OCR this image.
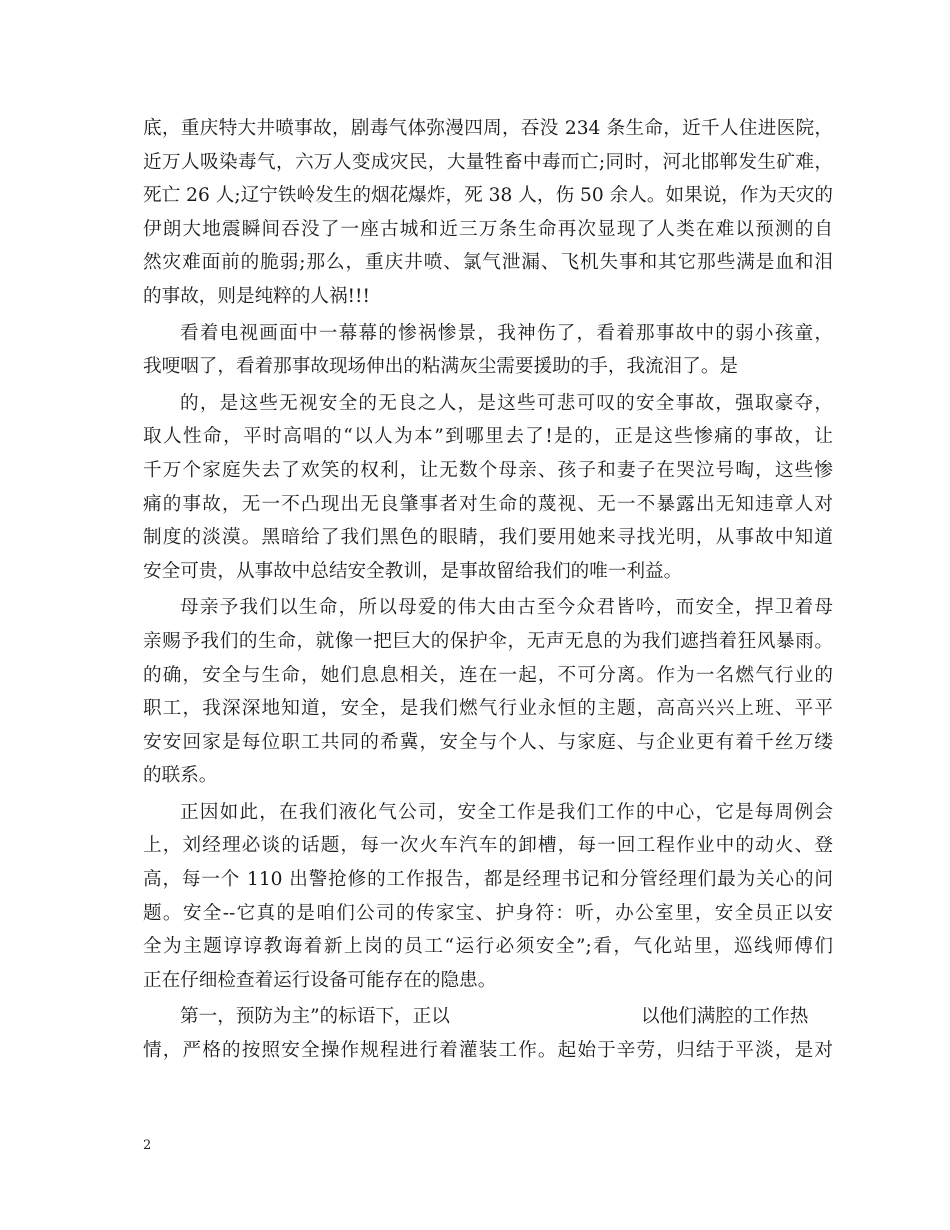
底，重庆特大井喷事故，剧毒气体弥漫四周，吞没 234 条生命，近千人住进医院，
近万人吸染毒气，六万人变成灾民，大量牲畜中毒而亡;同时，河北邯郸发生矿难，
死亡 26 人;辽宁铁岭发生的烟花爆炸，死 38 人，伤 50 余人。如果说，作为天灾的
伊朗大地震瞬间吞没了一座古城和近三万条生命再次显现了人类在难以预测的自
然灾难面前的脆弱;那么，重庆井喷、氯气泄漏、飞机失事和其它那些满是血和泪
的事故，则是纯粹的人祸!!!
看着电视画面中一幕幕的惨祸惨景，我神伤了，看着那事故中的弱小孩童，
我哽咽了，看着那事故现场伸出的粘满灰尘需要援助的手，我流泪了。是
的，是这些无视安全的无良之人，是这些可悲可叹的安全事故，强取豪夺，
取人性命，平时高唱的“以人为本”到哪里去了!是的，正是这些惨痛的事故，让
千万个家庭失去了欢笑的权利，让无数个母亲、孩子和妻子在哭泣号啕，这些惨
痛的事故，无一不凸现出无良肇事者对生命的蔑视、无一不暴露出无知违章人对
制度的淡漠。黑暗给了我们黑色的眼睛，我们要用她来寻找光明，从事故中知道
安全可贵，从事故中总结安全教训，是事故留给我们的唯一利益。
母亲予我们以生命，所以母爱的伟大由古至今众君皆吟，而安全，捍卫着母
亲赐予我们的生命，就像一把巨大的保护伞，无声无息的为我们遮挡着狂风暴雨。
的确，安全与生命，她们息息相关，连在一起，不可分离。作为一名燃气行业的
职工，我深深地知道，安全，是我们燃气行业永恒的主题，高高兴兴上班、平平
安安回家是每位职工共同的希冀，安全与个人、与家庭、与企业更有着千丝万缕
的联系。
正因如此，在我们液化气公司，安全工作是我们工作的中心，它是每周例会
上，刘经理必谈的话题，每一次火车汽车的卸槽，每一回工程作业中的动火、登
高，每一个 110 出警抢修的工作报告，都是经理书记和分管经理们最为关心的问
题。安全--它真的是咱们公司的传家宝、护身符：听，办公室里，安全员正以安
全为主题谆谆教诲着新上岗的员工“运行必须安全”;看，气化站里，巡线师傅们
正在仔细检查着运行设备可能存在的隐患。
第一，预防为主”的标语下，正以	以他们满腔的工作热
情，严格的按照安全操作规程进行着灌装工作。起始于辛劳，归结于平淡，是对
2
